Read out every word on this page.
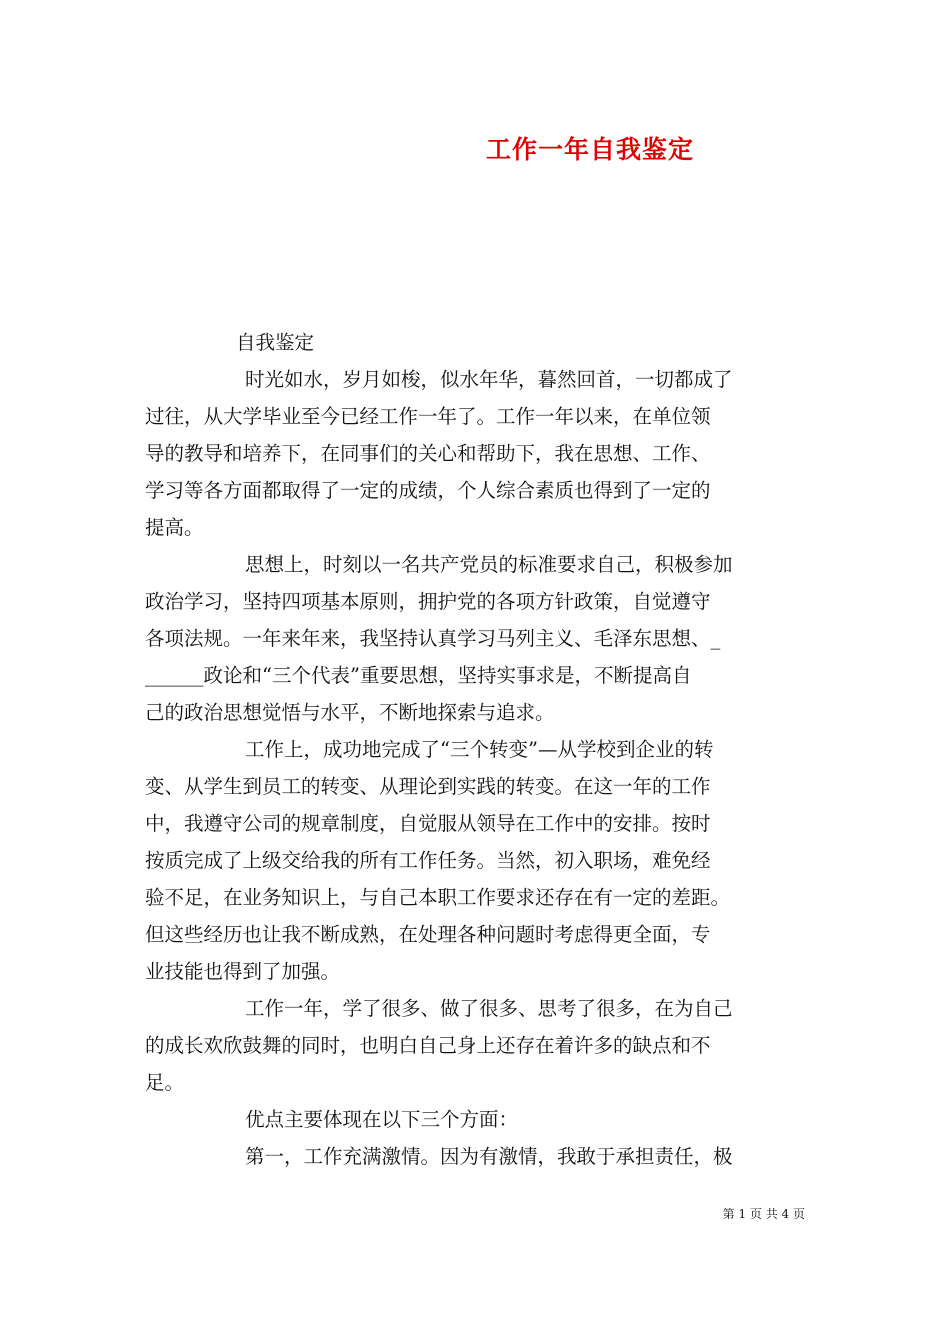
工作一年自我鉴定
自我鉴定
时光如水，岁月如梭，似水年华，暮然回首，一切都成了
过往，从大学毕业至今已经工作一年了。工作一年以来，在单位领
导的教导和培养下，在同事们的关心和帮助下，我在思想、工作、
学习等各方面都取得了一定的成绩，个人综合素质也得到了一定的
提高。
思想上，时刻以一名共产党员的标准要求自己，积极参加
政治学习，坚持四项基本原则，拥护党的各项方针政策，自觉遵守
各项法规。一年来年来，我坚持认真学习马列主义、毛泽东思想、_
______政论和“三个代表”重要思想，坚持实事求是，不断提高自
己的政治思想觉悟与水平，不断地探索与追求。
工作上，成功地完成了“三个转变”—从学校到企业的转
变、从学生到员工的转变、从理论到实践的转变。在这一年的工作
中，我遵守公司的规章制度，自觉服从领导在工作中的安排。按时
按质完成了上级交给我的所有工作任务。当然，初入职场，难免经
验不足，在业务知识上，与自己本职工作要求还存在有一定的差距。
但这些经历也让我不断成熟，在处理各种问题时考虑得更全面，专
业技能也得到了加强。
工作一年，学了很多、做了很多、思考了很多，在为自己
的成长欢欣鼓舞的同时，也明白自己身上还存在着许多的缺点和不
足。
优点主要体现在以下三个方面：
第一，工作充满激情。因为有激情，我敢于承担责任，极
第 1 页 共 4 页
